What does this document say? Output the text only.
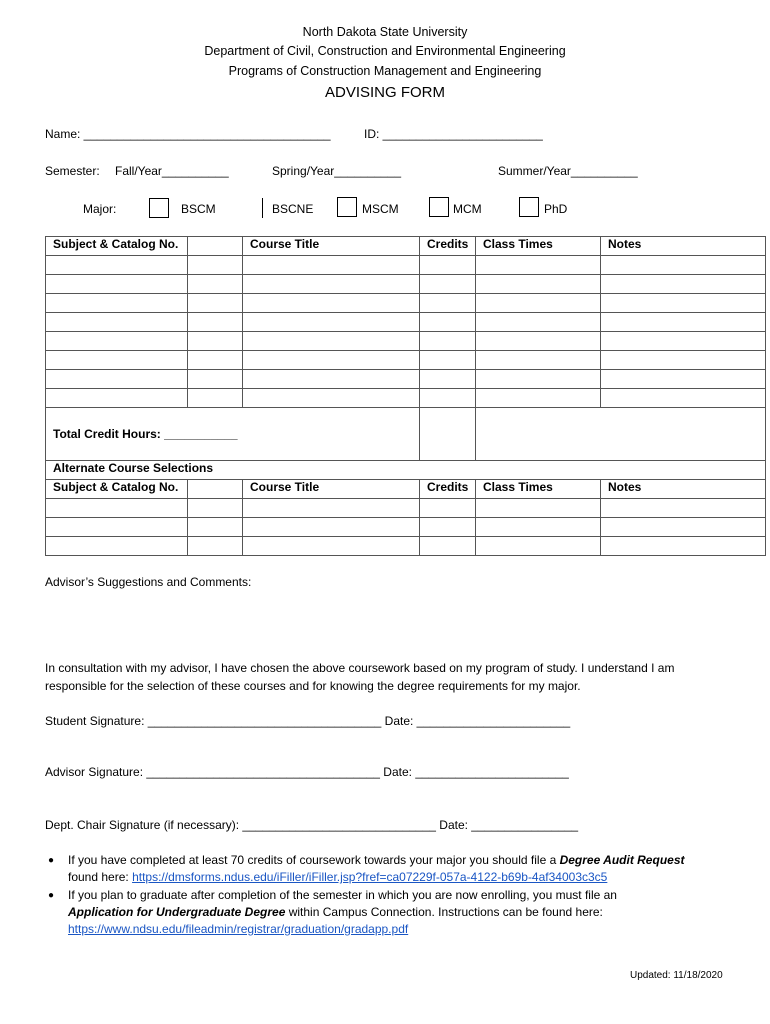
North Dakota State University
Department of Civil, Construction and Environmental Engineering
Programs of Construction Management and Engineering
ADVISING FORM
Name: _____________________________________	ID: ________________________
Semester: Fall/Year__________	Spring/Year__________	Summer/Year__________
Major:	BSCM	BSCNE	MSCM	MCM	PhD
Subject & Catalog No.		Course Title	Credits	Class Times	Notes

Total Credit Hours: ___________					
Alternate Course Selections					
Subject & Catalog No.		Course Title	Credits	Class Times	Notes

Advisor’s Suggestions and Comments:
In consultation with my advisor, I have chosen the above coursework based on my program of study. I understand I am
responsible for the selection of these courses and for knowing the degree requirements for my major.
Student Signature: ___________________________________ Date: _______________________
Advisor Signature: ___________________________________ Date: _______________________
Dept. Chair Signature (if necessary): _____________________________ Date: ________________
● If you have completed at least 70 credits of coursework towards your major you should file a Degree Audit Request
found here: https://dmsforms.ndus.edu/iFiller/iFiller.jsp?fref=ca07229f-057a-4122-b69b-4af34003c3c5
● If you plan to graduate after completion of the semester in which you are now enrolling, you must file an
Application for Undergraduate Degree within Campus Connection. Instructions can be found here:
https://www.ndsu.edu/fileadmin/registrar/graduation/gradapp.pdf
Updated: 11/18/2020
